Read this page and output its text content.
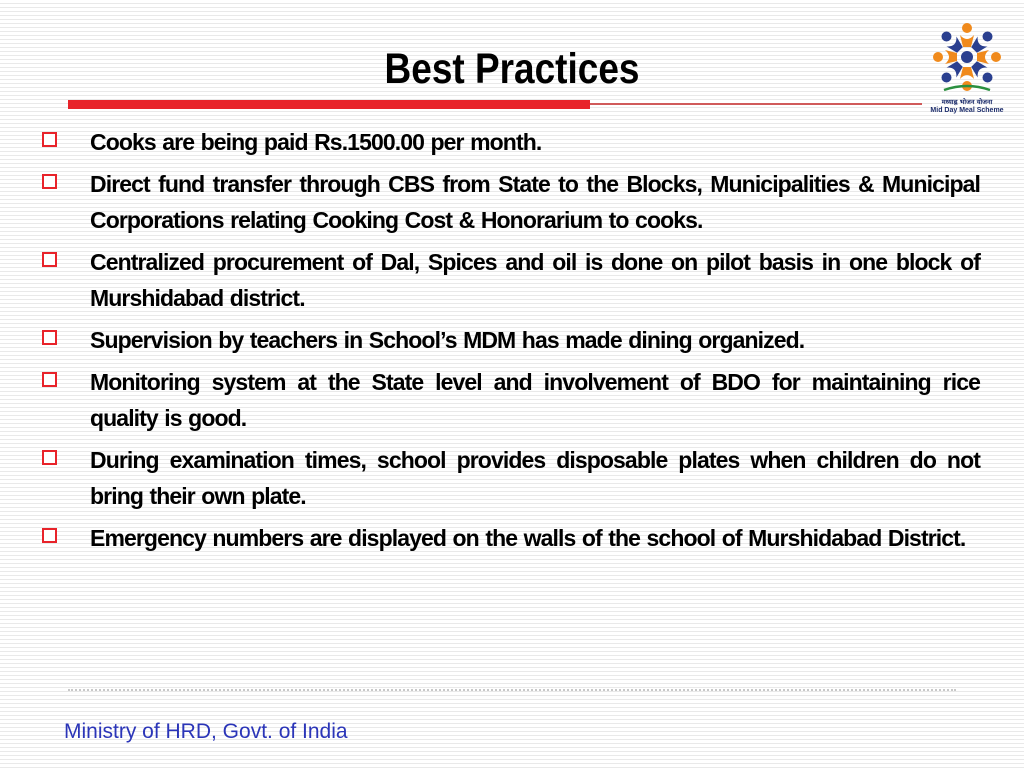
Best Practices
मध्याह्न भोजन योजना
Mid Day Meal Scheme
Cooks are being paid Rs.1500.00 per month.
Direct fund transfer through CBS from State to the Blocks, Municipalities & Municipal Corporations relating Cooking Cost & Honorarium to cooks.
Centralized procurement of Dal, Spices and oil is done on pilot basis in one block of Murshidabad district.
Supervision by teachers in School’s MDM has made dining organized.
Monitoring system at the State level and involvement of BDO for maintaining rice quality is good.
During examination times, school provides disposable plates when children do not bring their own plate.
Emergency numbers are displayed on the walls of the school of Murshidabad District.
Ministry of HRD, Govt. of India
